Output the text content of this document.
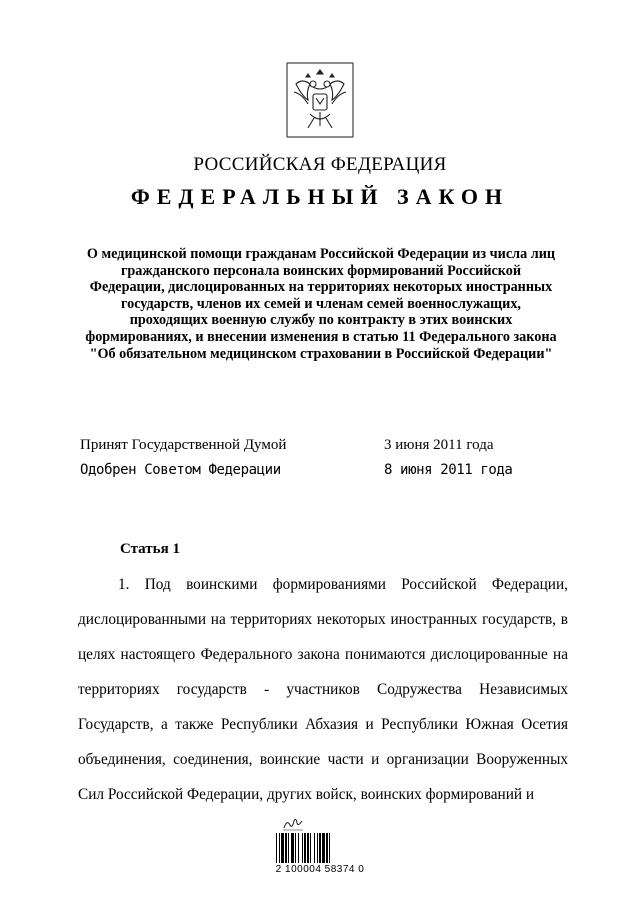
РОССИЙСКАЯ ФЕДЕРАЦИЯ
ФЕДЕРАЛЬНЫЙ ЗАКОН
О медицинской помощи гражданам Российской Федерации из числа лиц гражданского персонала воинских формирований Российской Федерации, дислоцированных на территориях некоторых иностранных государств, членов их семей и членам семей военнослужащих, проходящих военную службу по контракту в этих воинских формированиях, и внесении изменения в статью 11 Федерального закона "Об обязательном медицинском страховании в Российской Федерации"
Принят Государственной Думой	3 июня 2011 года
Одобрен Советом Федерации	8 июня 2011 года
Статья 1

1. Под воинскими формированиями Российской Федерации, дислоцированными на территориях некоторых иностранных государств, в целях настоящего Федерального закона понимаются дислоцированные на территориях государств - участников Содружества Независимых Государств, а также Республики Абхазия и Республики Южная Осетия объединения, соединения, воинские части и организации Вооруженных Сил Российской Федерации, других войск, воинских формирований и

2 100004 58374 0
